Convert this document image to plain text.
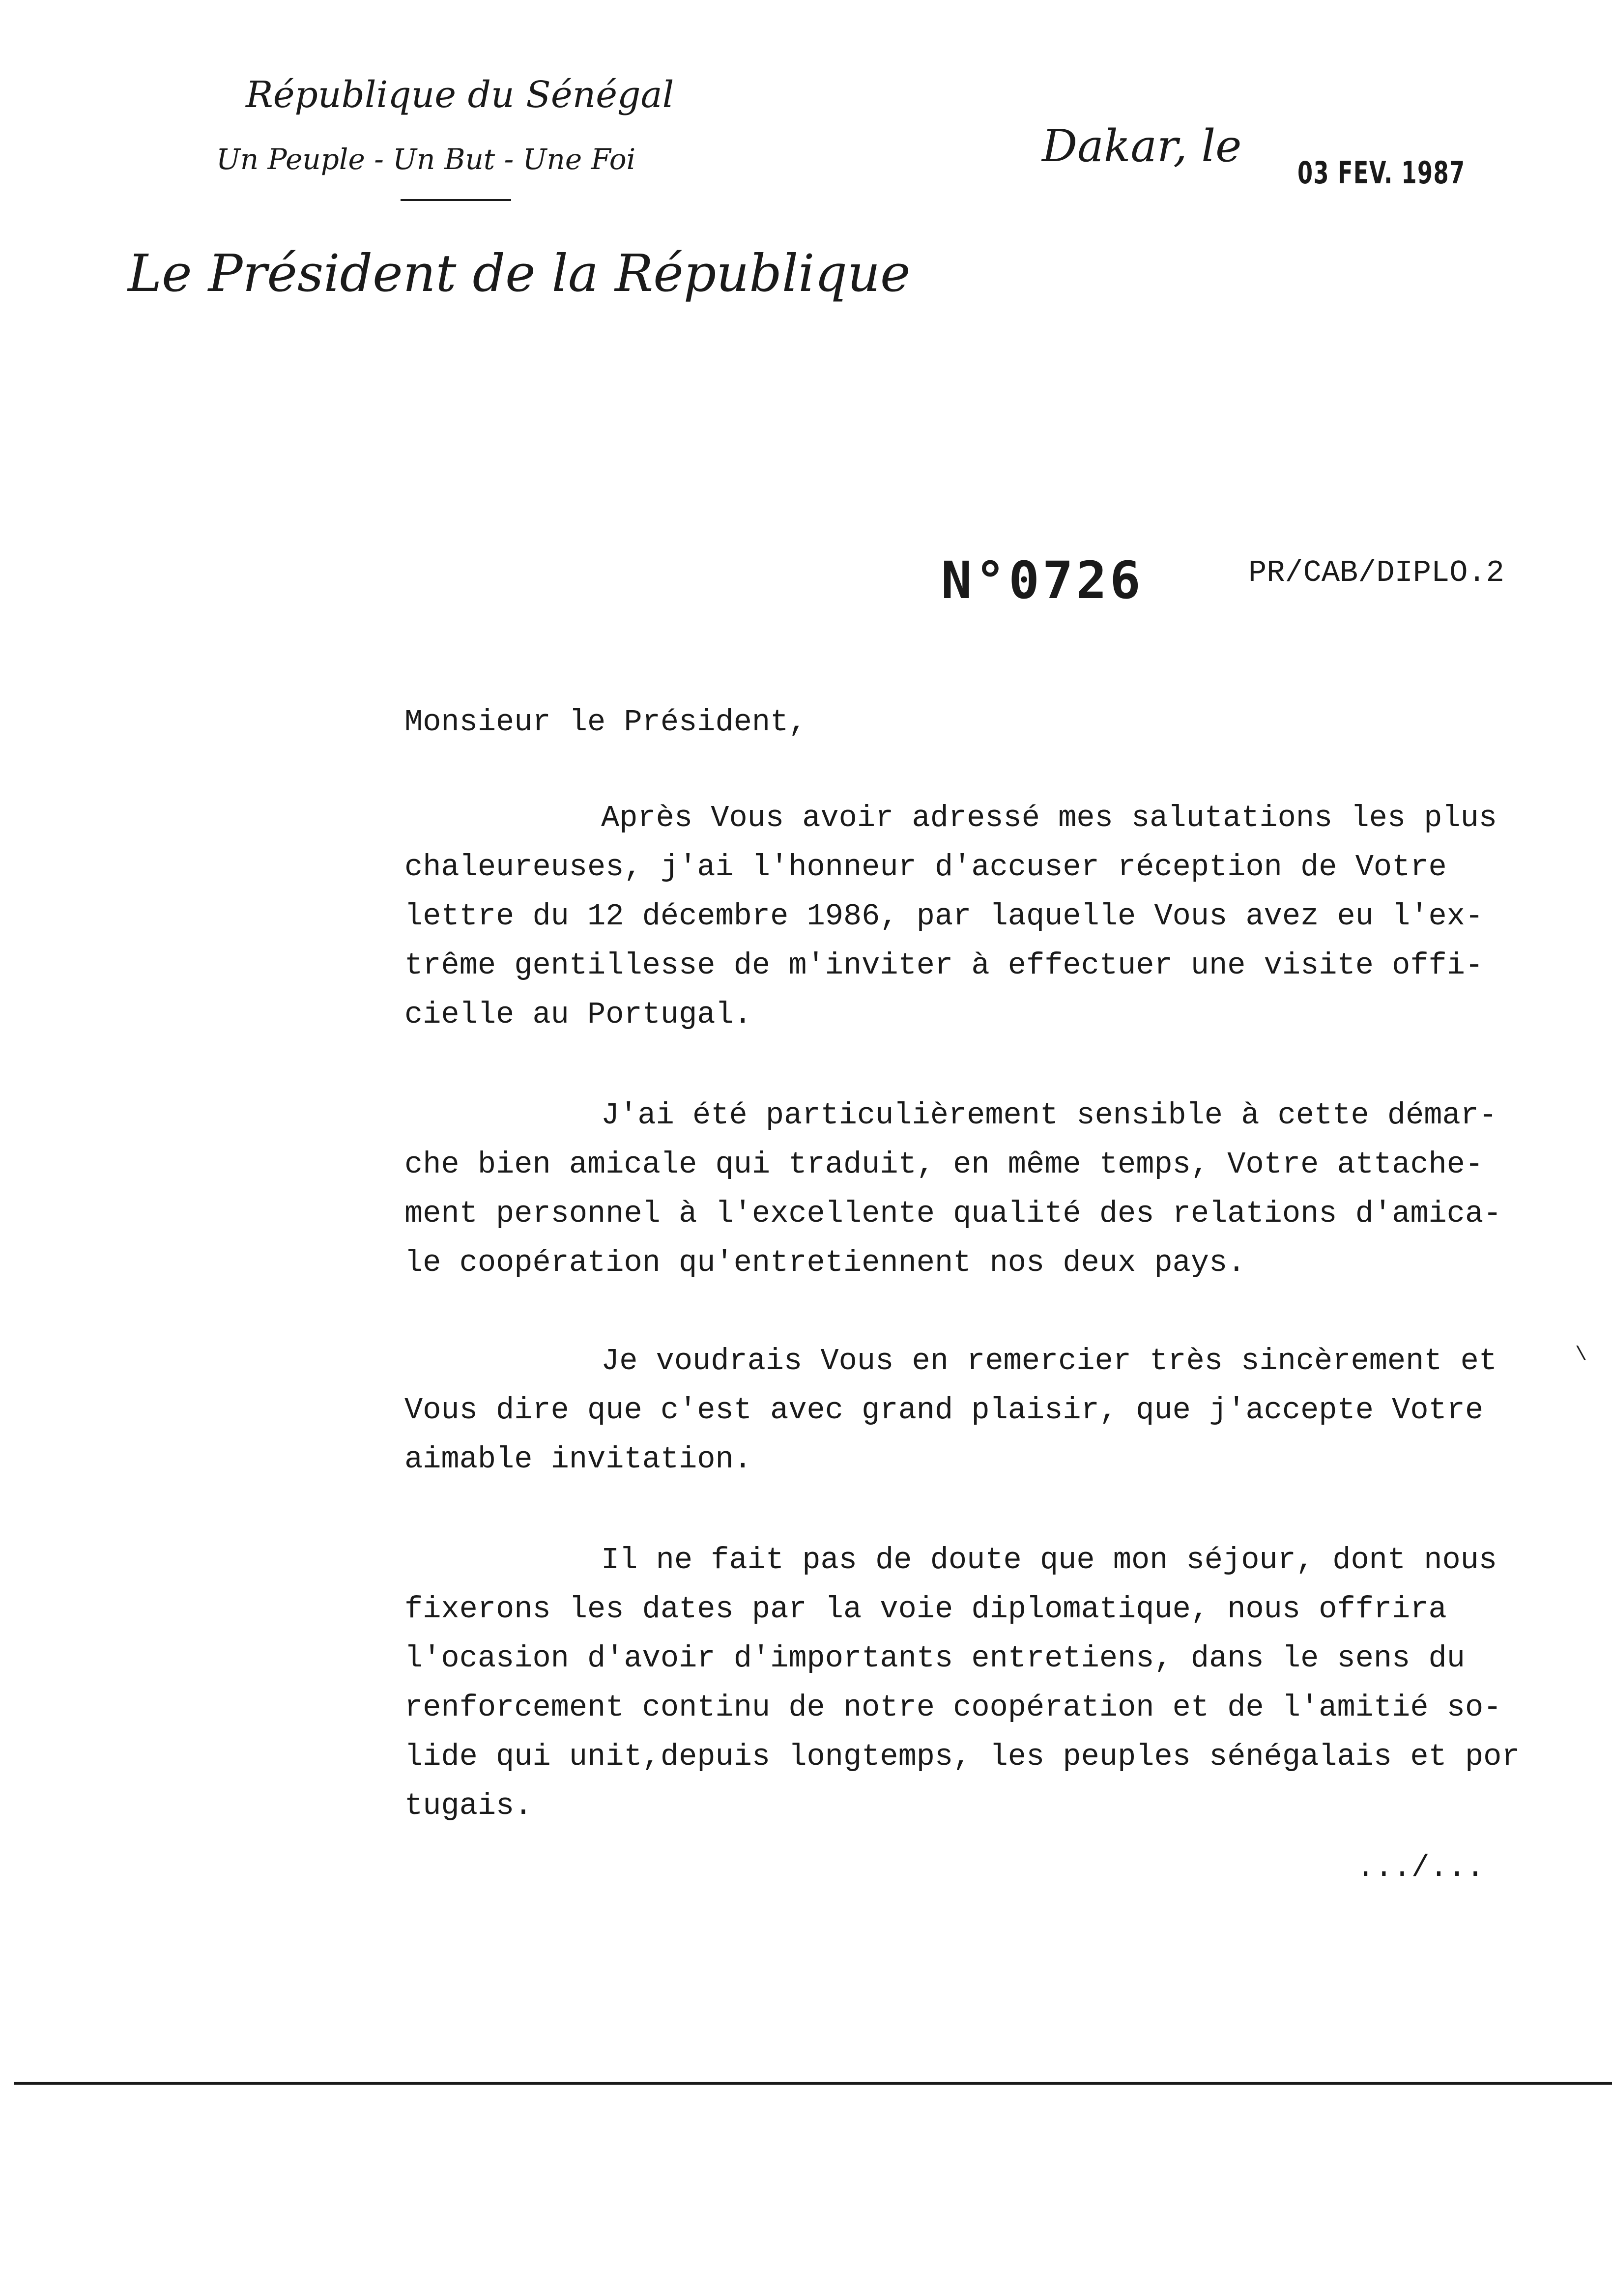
République du Sénégal
Un Peuple - Un But - Une Foi
Le Président de la République
Dakar, le
03 FEV. 1987
N°0726	PR/CAB/DIPLO.2
Monsieur le Président,
Après Vous avoir adressé mes salutations les plus
chaleureuses, j'ai l'honneur d'accuser réception de Votre
lettre du 12 décembre 1986, par laquelle Vous avez eu l'ex-
trême gentillesse de m'inviter à effectuer une visite offi-
cielle au Portugal.
J'ai été particulièrement sensible à cette démar-
che bien amicale qui traduit, en même temps, Votre attache-
ment personnel à l'excellente qualité des relations d'amica-
le coopération qu'entretiennent nos deux pays.
Je voudrais Vous en remercier très sincèrement et
Vous dire que c'est avec grand plaisir, que j'accepte Votre
aimable invitation.
\
Il ne fait pas de doute que mon séjour, dont nous
fixerons les dates par la voie diplomatique, nous offrira
l'ocasion d'avoir d'importants entretiens, dans le sens du
renforcement continu de notre coopération et de l'amitié so-
lide qui unit,depuis longtemps, les peuples sénégalais et por
tugais.
.../...
